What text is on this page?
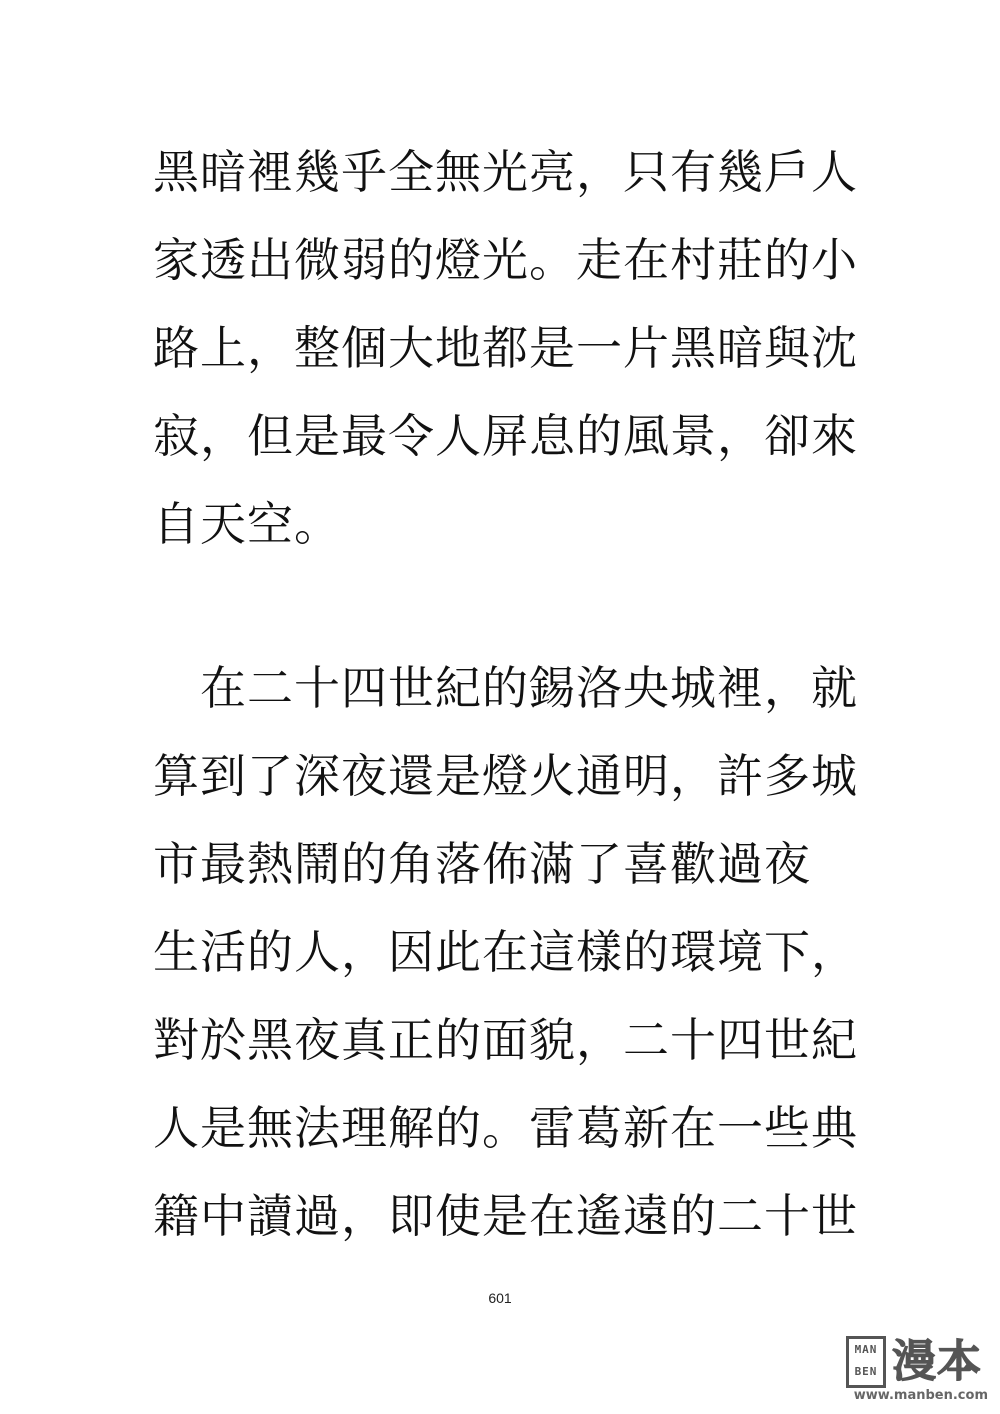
黑暗裡幾乎全無光亮，只有幾戶人
家透出微弱的燈光。走在村莊的小
路上，整個大地都是一片黑暗與沈
寂，但是最令人屏息的風景，卻來
自天空。
　在二十四世紀的錫洛央城裡，就
算到了深夜還是燈火通明，許多城
市最熱鬧的角落佈滿了喜歡過夜
生活的人，因此在這樣的環境下，
對於黑夜真正的面貌，二十四世紀
人是無法理解的。雷葛新在一些典
籍中讀過，即使是在遙遠的二十世
601
MAN
BEN 漫本
www.manben.com
